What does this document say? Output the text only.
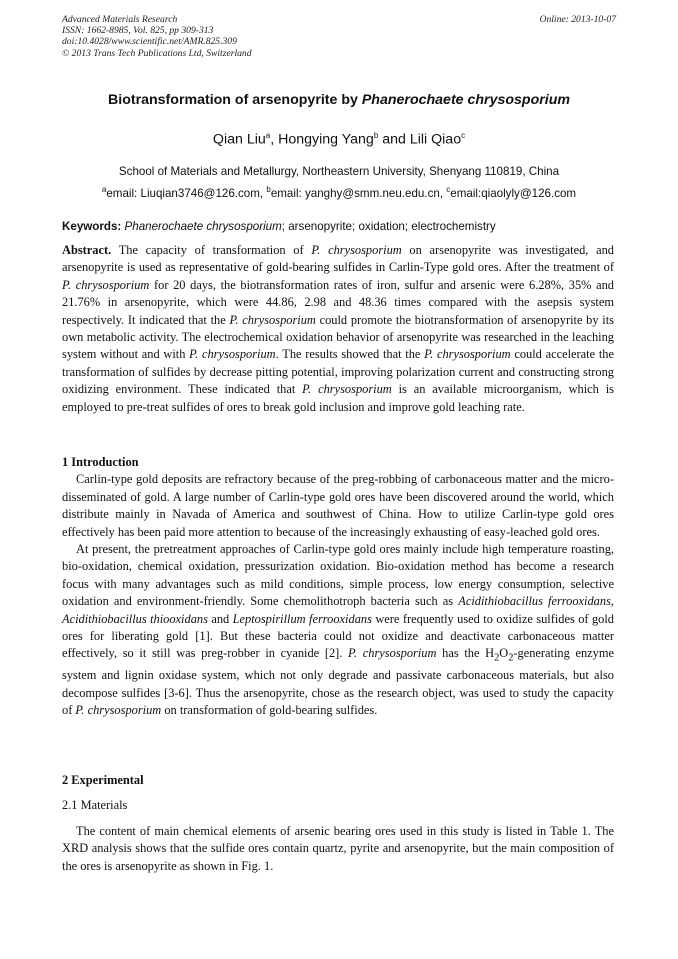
Advanced Materials Research
ISSN: 1662-8985, Vol. 825, pp 309-313
doi:10.4028/www.scientific.net/AMR.825.309
© 2013 Trans Tech Publications Ltd, Switzerland
Online: 2013-10-07
Biotransformation of arsenopyrite by Phanerochaete chrysosporium
Qian Liu$^a$, Hongying Yang$^b$ and Lili Qiao$^c$
School of Materials and Metallurgy, Northeastern University, Shenyang 110819, China
$^a$email: Liuqian3746@126.com, $^b$email: yanghy@smm.neu.edu.cn, $^c$email:qiaolyly@126.com
Keywords: Phanerochaete chrysosporium; arsenopyrite; oxidation; electrochemistry

Abstract. The capacity of transformation of P. chrysosporium on arsenopyrite was investigated, and arsenopyrite is used as representative of gold-bearing sulfides in Carlin-Type gold ores. After the treatment of P. chrysosporium for 20 days, the biotransformation rates of iron, sulfur and arsenic were 6.28%, 35% and 21.76% in arsenopyrite, which were 44.86, 2.98 and 48.36 times compared with the asepsis system respectively. It indicated that the P. chrysosporium could promote the biotransformation of arsenopyrite by its own metabolic activity. The electrochemical oxidation behavior of arsenopyrite was researched in the leaching system without and with P. chrysosporium. The results showed that the P. chrysosporium could accelerate the transformation of sulfides by decrease pitting potential, improving polarization current and constructing strong oxidizing environment. These indicated that P. chrysosporium is an available microorganism, which is employed to pre-treat sulfides of ores to break gold inclusion and improve gold leaching rate.

1 Introduction

Carlin-type gold deposits are refractory because of the preg-robbing of carbonaceous matter and the micro-disseminated of gold. A large number of Carlin-type gold ores have been discovered around the world, which distribute mainly in Navada of America and southwest of China. How to utilize Carlin-type gold ores effectively has been paid more attention to because of the increasingly exhausting of easy-leached gold ores.

At present, the pretreatment approaches of Carlin-type gold ores mainly include high temperature roasting, bio-oxidation, chemical oxidation, pressurization oxidation. Bio-oxidation method has become a research focus with many advantages such as mild conditions, simple process, low energy consumption, selective oxidation and environment-friendly. Some chemolithotroph bacteria such as Acidithiobacillus ferrooxidans, Acidithiobacillus thiooxidans and Leptospirillum ferrooxidans were frequently used to oxidize sulfides of gold ores for liberating gold [1]. But these bacteria could not oxidize and deactivate carbonaceous matter effectively, so it still was preg-robber in cyanide [2]. P. chrysosporium has the $H_2O_2$-generating enzyme system and lignin oxidase system, which not only degrade and passivate carbonaceous materials, but also decompose sulfides [3-6]. Thus the arsenopyrite, chose as the research object, was used to study the capacity of P. chrysosporium on transformation of gold-bearing sulfides.

2 Experimental

2.1 Materials

The content of main chemical elements of arsenic bearing ores used in this study is listed in Table 1. The XRD analysis shows that the sulfide ores contain quartz, pyrite and arsenopyrite, but the main composition of the ores is arsenopyrite as shown in Fig. 1.
